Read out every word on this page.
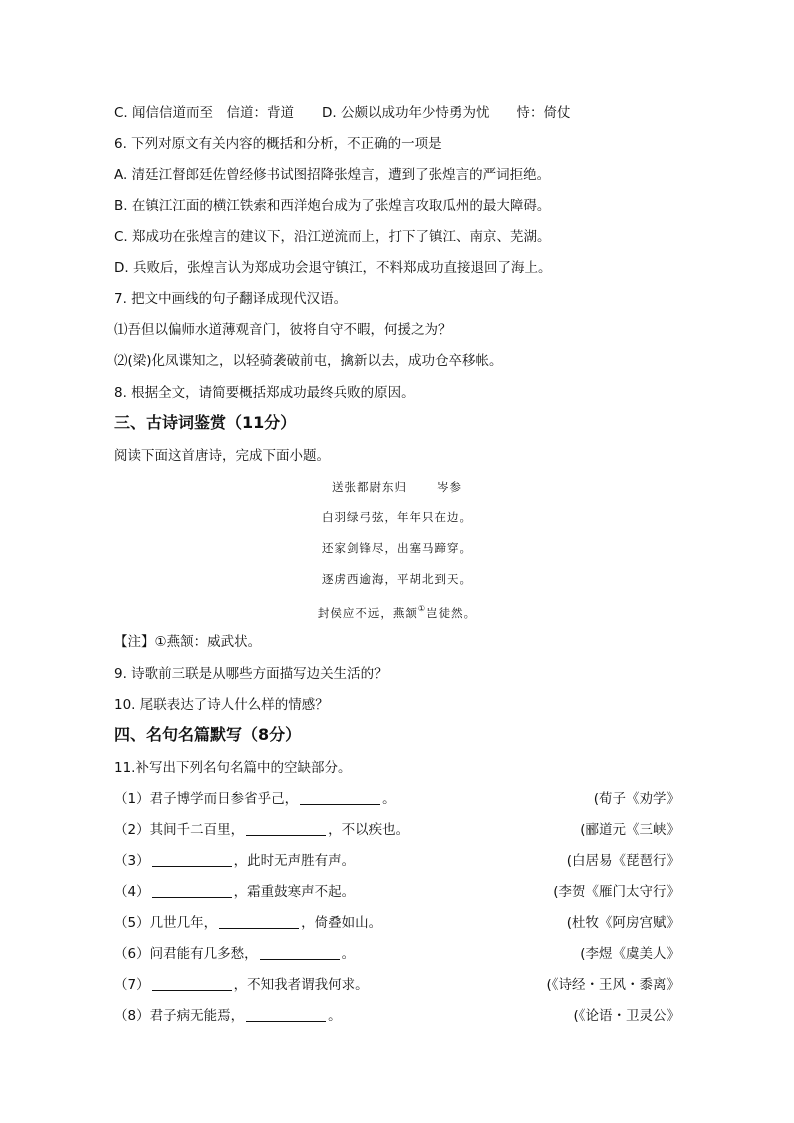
C. 闻信信道而至　信道：背道 D. 公颇以成功年少恃勇为忧　　恃：倚仗
6. 下列对原文有关内容的概括和分析，不正确的一项是
A. 清廷江督郎廷佐曾经修书试图招降张煌言，遭到了张煌言的严词拒绝。
B. 在镇江江面的横江铁索和西洋炮台成为了张煌言攻取瓜州的最大障碍。
C. 郑成功在张煌言的建议下，沿江逆流而上，打下了镇江、南京、芜湖。
D. 兵败后，张煌言认为郑成功会退守镇江，不料郑成功直接退回了海上。
7. 把文中画线的句子翻译成现代汉语。
⑴吾但以偏师水道薄观音门，彼将自守不暇，何援之为？
⑵(梁)化凤谍知之，以轻骑袭破前屯，擒新以去，成功仓卒移帐。
8. 根据全文，请简要概括郑成功最终兵败的原因。
三、古诗词鉴赏（11分）
阅读下面这首唐诗，完成下面小题。
送张都尉东归	岑参
白羽绿弓弦，年年只在边。
还家剑锋尽，出塞马蹄穿。
逐虏西逾海，平胡北到天。
封侯应不远，燕颔①岂徒然。
【注】①燕颔：威武状。
9. 诗歌前三联是从哪些方面描写边关生活的？
10. 尾联表达了诗人什么样的情感？
四、名句名篇默写（8分）
11.补写出下列名句名篇中的空缺部分。
（1）君子博学而日参省乎己，	。	(荀子《劝学》
（2）其间千二百里，	，不以疾也。	(郦道元《三峡》
（3）	，此时无声胜有声。	(白居易《琵琶行》
（4）	，霜重鼓寒声不起。	(李贺《雁门太守行》
（5）几世几年，	，倚叠如山。	(杜牧《阿房宫赋》
（6）问君能有几多愁，	。	(李煜《虞美人》
（7）	，不知我者谓我何求。	(《诗经・王风・黍离》
（8）君子病无能焉，	。	(《论语・卫灵公》
